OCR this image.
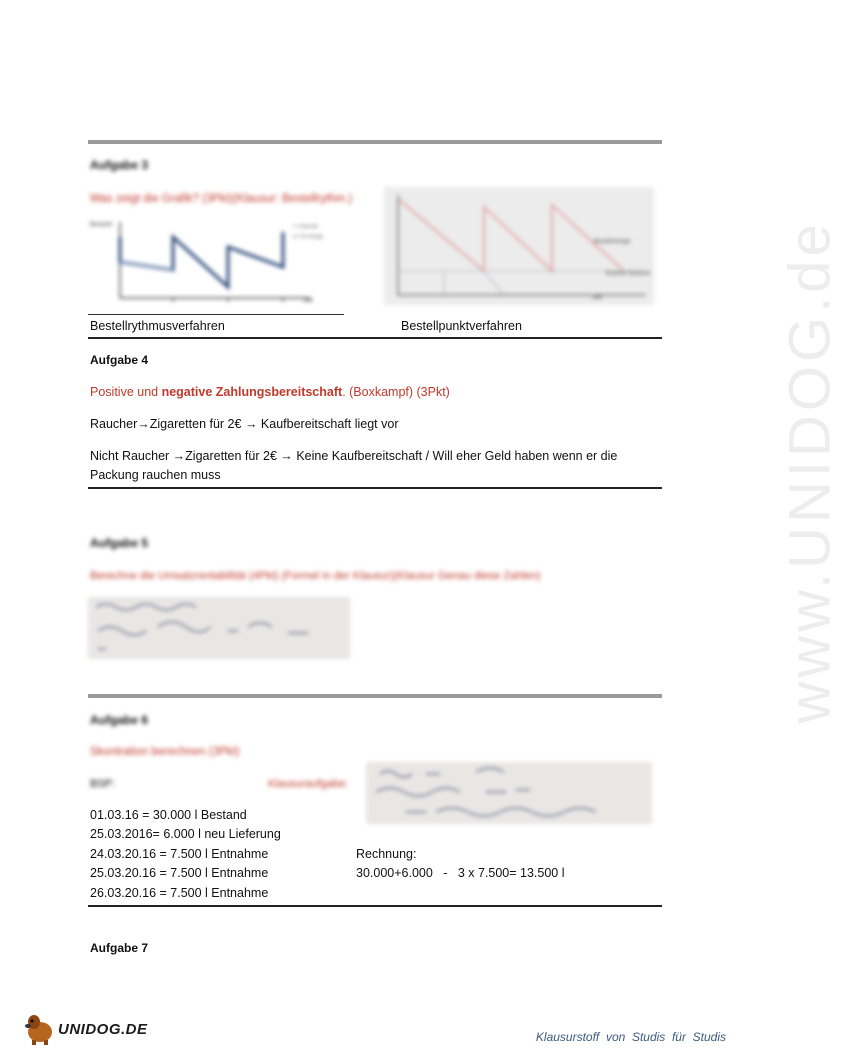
www.UNIDOG.de
Aufgabe 3
Was zeigt die Grafik? (3Pkt)(Klausur: Bestellrythm.)
Bestand
Zeit
t = Intervall
q = fix menge
Bestellmenge
Eiserne Reserve
Zeit
Bestellrythmusverfahren	Bestellpunktverfahren
Aufgabe 4
Positive und negative Zahlungsbereitschaft. (Boxkampf) (3Pkt)
Raucher→Zigaretten für 2€ → Kaufbereitschaft liegt vor
Nicht Raucher →Zigaretten für 2€ → Keine Kaufbereitschaft / Will eher Geld haben wenn er die
Packung rauchen muss
Aufgabe 5
Berechne die Umsatzrentabilität (4Pkt) (Formel in der Klausur)(Klausur Genau diese Zahlen)
Aufgabe 6
Skontration berechnen (3Pkt)
BSP:	Klausuraufgabe:
01.03.16 = 30.000 l Bestand
25.03.2016= 6.000 l neu Lieferung
24.03.20.16 = 7.500 l Entnahme
25.03.20.16 = 7.500 l Entnahme
26.03.20.16 = 7.500 l Entnahme
Rechnung:
30.000+6.000   -   3 x 7.500= 13.500 l
Aufgabe 7
UNIDOG.DE	Klausurstoff  von  Studis  für  Studis
